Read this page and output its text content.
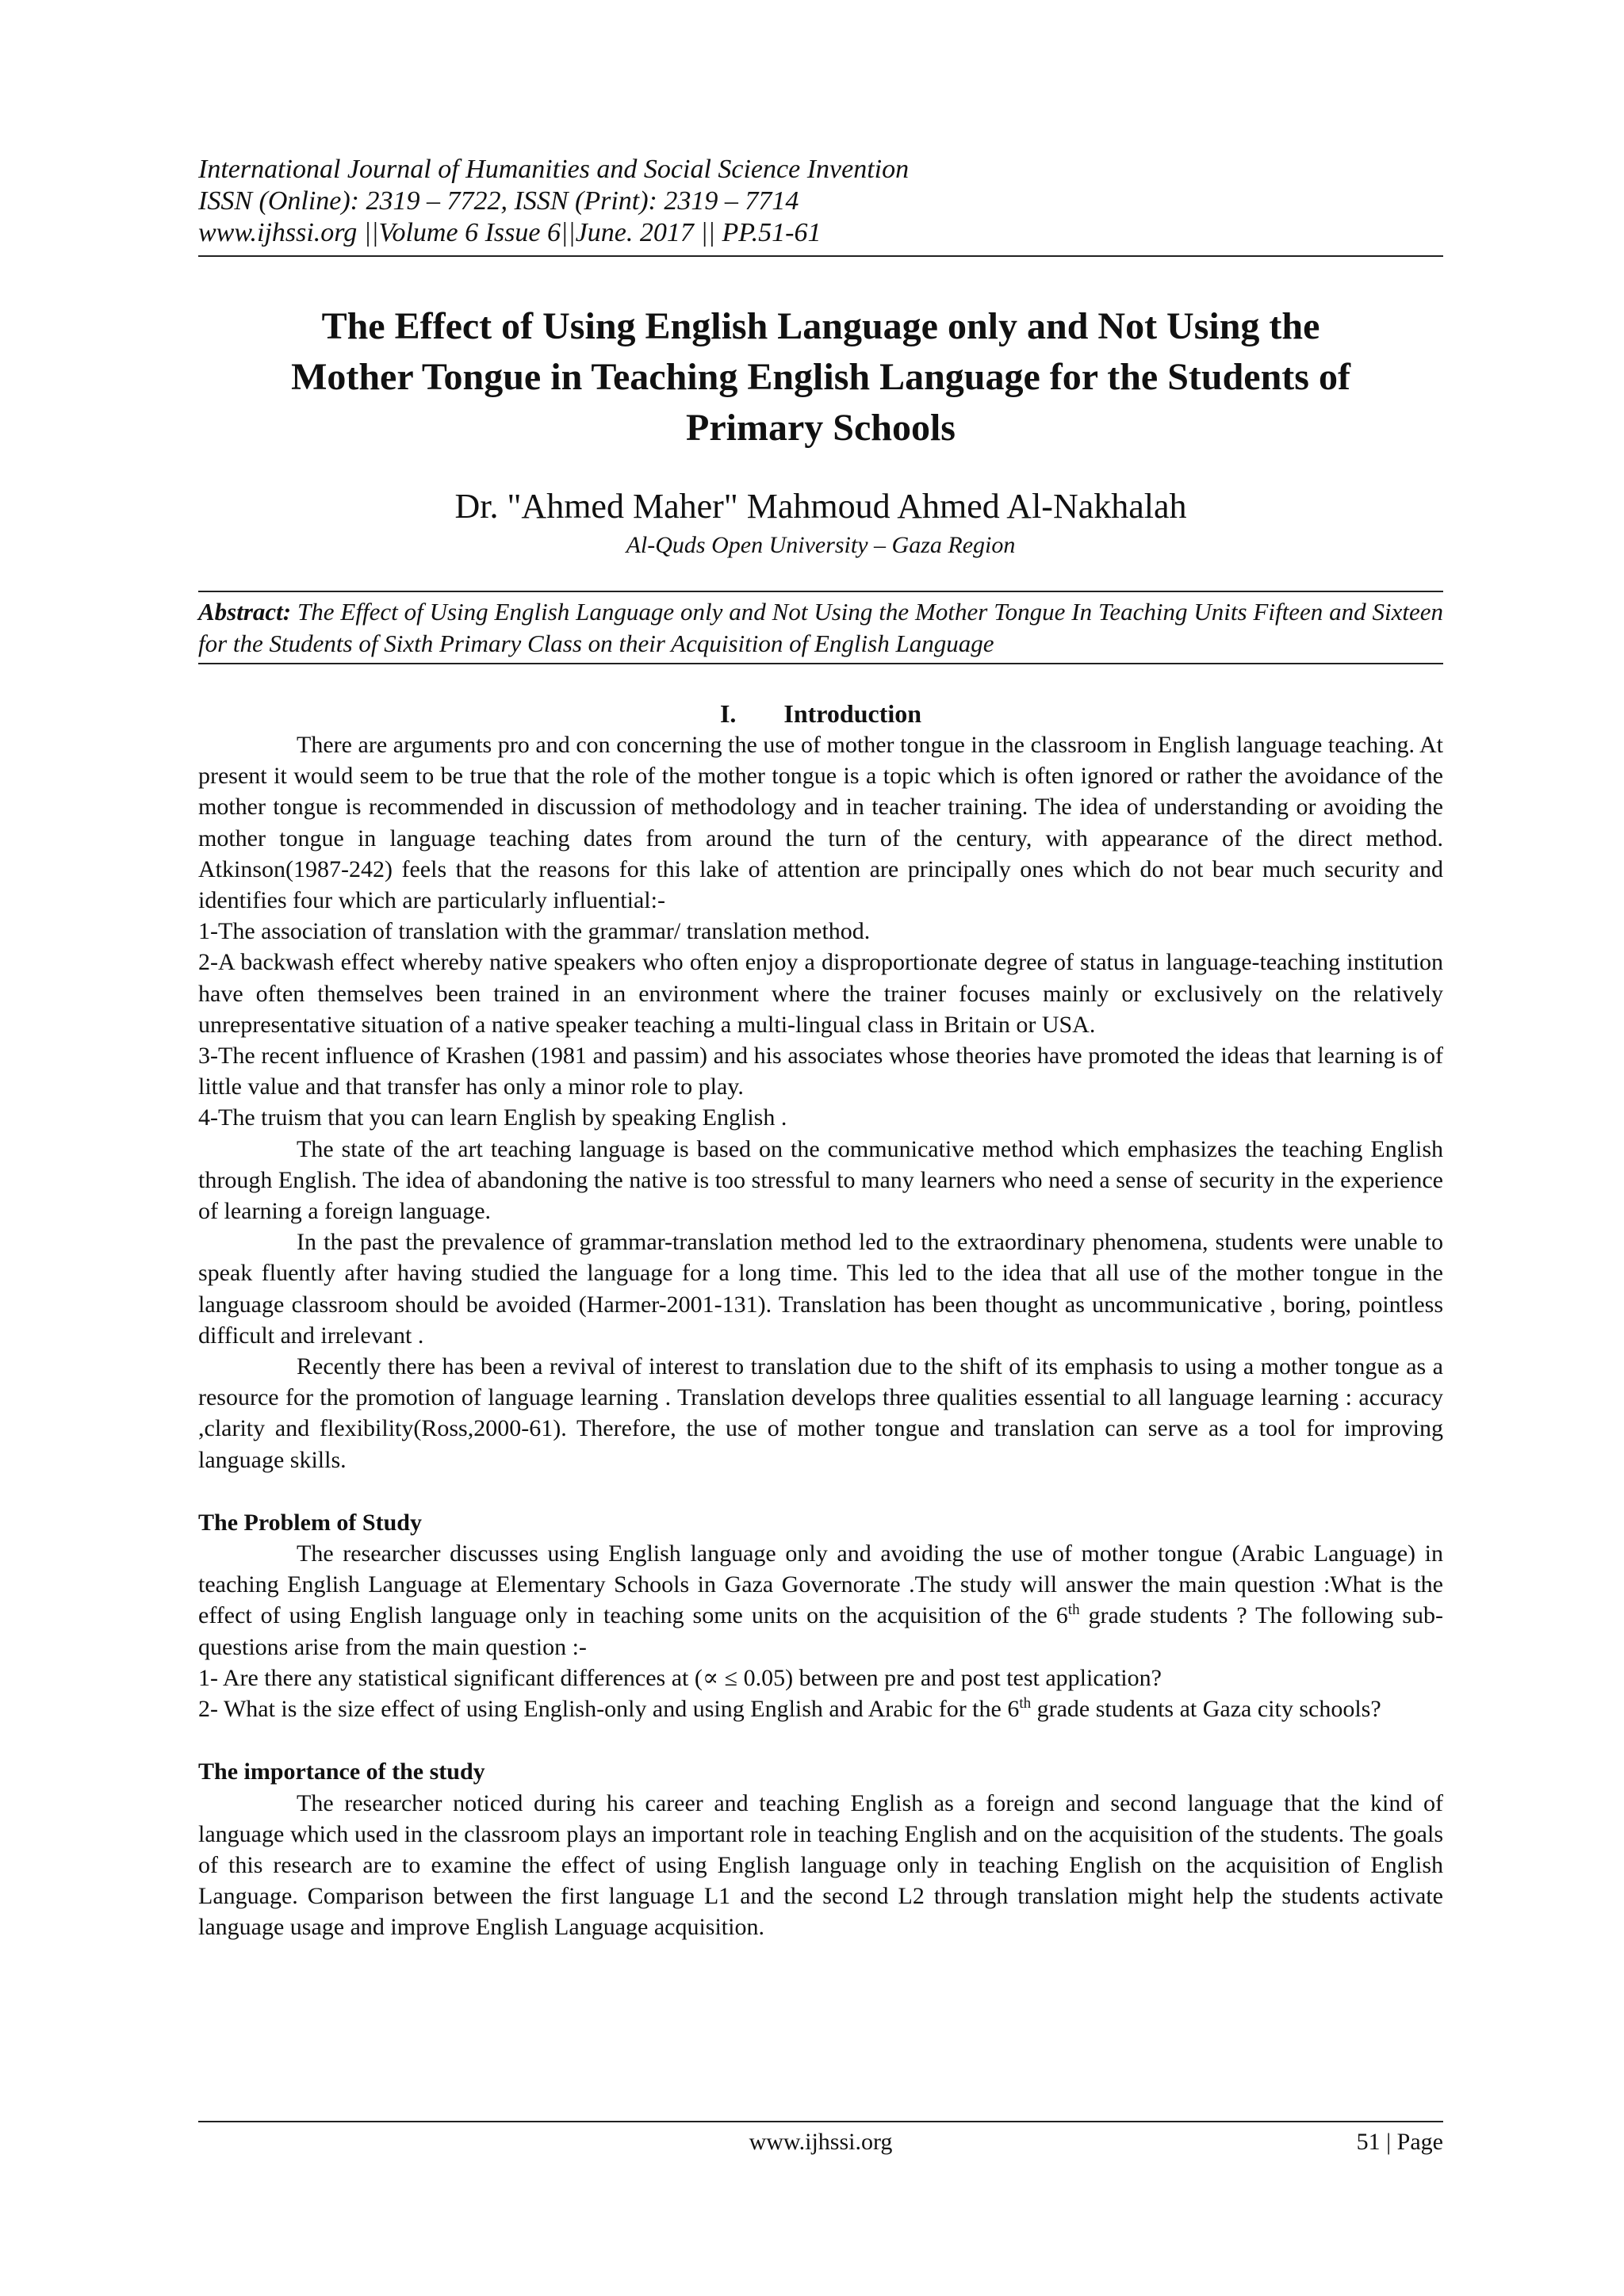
International Journal of Humanities and Social Science Invention
ISSN (Online): 2319 – 7722, ISSN (Print): 2319 – 7714
www.ijhssi.org ||Volume 6 Issue 6||June. 2017 || PP.51-61
The Effect of Using English Language only and Not Using the
Mother Tongue in Teaching English Language for the Students of
Primary Schools
Dr. "Ahmed Maher" Mahmoud Ahmed Al-Nakhalah
Al-Quds Open University – Gaza Region
Abstract: The Effect of Using English Language only and Not Using the Mother Tongue In Teaching Units Fifteen and Sixteen for the Students of Sixth Primary Class on their Acquisition of English Language
I. Introduction

There are arguments pro and con concerning the use of mother tongue in the classroom in English language teaching. At present it would seem to be true that the role of the mother tongue is a topic which is often ignored or rather the avoidance of the mother tongue is recommended in discussion of methodology and in teacher training. The idea of understanding or avoiding the mother tongue in language teaching dates from around the turn of the century, with appearance of the direct method. Atkinson(1987-242) feels that the reasons for this lake of attention are principally ones which do not bear much security and identifies four which are particularly influential:-

1-The association of translation with the grammar/ translation method.

2-A backwash effect whereby native speakers who often enjoy a disproportionate degree of status in language-teaching institution have often themselves been trained in an environment where the trainer focuses mainly or exclusively on the relatively unrepresentative situation of a native speaker teaching a multi-lingual class in Britain or USA.

3-The recent influence of Krashen (1981 and passim) and his associates whose theories have promoted the ideas that learning is of little value and that transfer has only a minor role to play.

4-The truism that you can learn English by speaking English .

The state of the art teaching language is based on the communicative method which emphasizes the teaching English through English. The idea of abandoning the native is too stressful to many learners who need a sense of security in the experience of learning a foreign language.

In the past the prevalence of grammar-translation method led to the extraordinary phenomena, students were unable to speak fluently after having studied the language for a long time. This led to the idea that all use of the mother tongue in the language classroom should be avoided (Harmer-2001-131). Translation has been thought as uncommunicative , boring, pointless difficult and irrelevant .

Recently there has been a revival of interest to translation due to the shift of its emphasis to using a mother tongue as a resource for the promotion of language learning . Translation develops three qualities essential to all language learning : accuracy ,clarity and flexibility(Ross,2000-61). Therefore, the use of mother tongue and translation can serve as a tool for improving language skills.

The Problem of Study

The researcher discusses using English language only and avoiding the use of mother tongue (Arabic Language) in teaching English Language at Elementary Schools in Gaza Governorate .The study will answer the main question :What is the effect of using English language only in teaching some units on the acquisition of the 6th grade students ? The following sub-questions arise from the main question :-

1- Are there any statistical significant differences at (∝ ≤ 0.05) between pre and post test application?

2- What is the size effect of using English-only and using English and Arabic for the 6th grade students at Gaza city schools?

The importance of the study

The researcher noticed during his career and teaching English as a foreign and second language that the kind of language which used in the classroom plays an important role in teaching English and on the acquisition of the students. The goals of this research are to examine the effect of using English language only in teaching English on the acquisition of English Language. Comparison between the first language L1 and the second L2 through translation might help the students activate language usage and improve English Language acquisition.

www.ijhssi.org	51 | Page
